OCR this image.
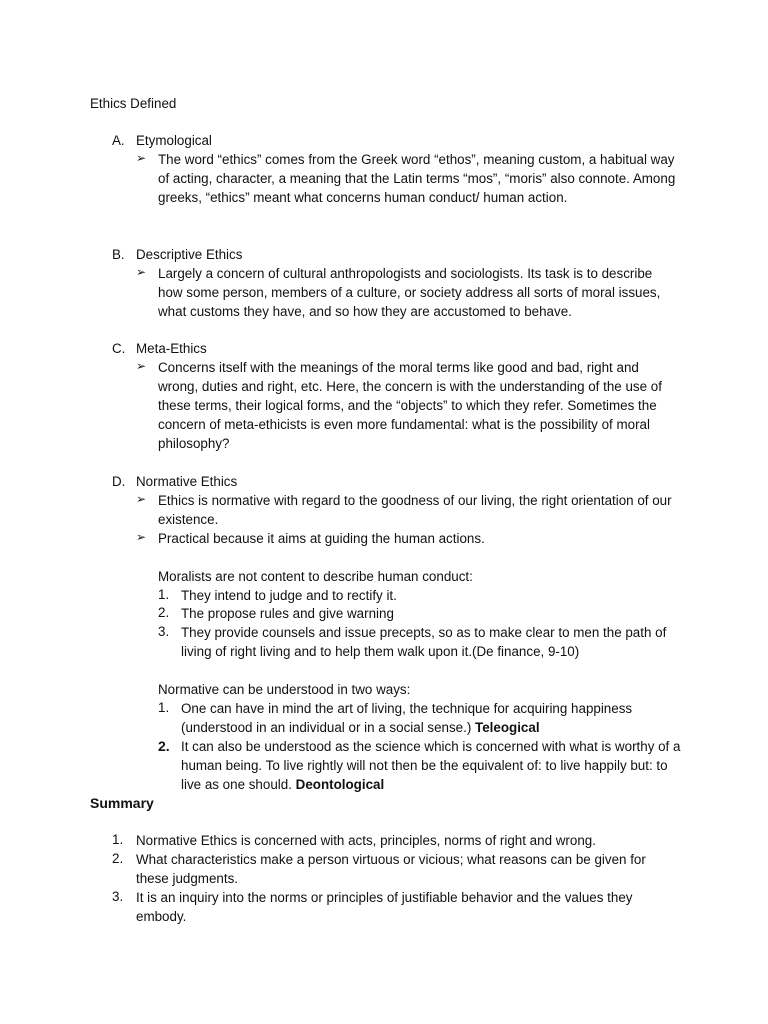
Ethics Defined
A. Etymological

➢ The word “ethics” comes from the Greek word “ethos”, meaning custom, a habitual way of acting, character, a meaning that the Latin terms “mos”, “moris” also connote. Among greeks, “ethics” meant what concerns human conduct/ human action.
B. Descriptive Ethics

➢ Largely a concern of cultural anthropologists and sociologists. Its task is to describe how some person, members of a culture, or society address all sorts of moral issues, what customs they have, and so how they are accustomed to behave.
C. Meta-Ethics

➢ Concerns itself with the meanings of the moral terms like good and bad, right and wrong, duties and right, etc. Here, the concern is with the understanding of the use of these terms, their logical forms, and the “objects” to which they refer. Sometimes the concern of meta-ethicists is even more fundamental: what is the possibility of moral philosophy?
D. Normative Ethics

➢ Ethics is normative with regard to the goodness of our living, the right orientation of our existence.
➢ Practical because it aims at guiding the human actions.
Moralists are not content to describe human conduct:
1. They intend to judge and to rectify it.
2. The propose rules and give warning
3. They provide counsels and issue precepts, so as to make clear to men the path of living of right living and to help them walk upon it.(De finance, 9-10)
Normative can be understood in two ways:
1. One can have in mind the art of living, the technique for acquiring happiness (understood in an individual or in a social sense.) Teleogical
2. It can also be understood as the science which is concerned with what is worthy of a human being. To live rightly will not then be the equivalent of: to live happily but: to live as one should. Deontological
Summary
1. Normative Ethics is concerned with acts, principles, norms of right and wrong.
2. What characteristics make a person virtuous or vicious; what reasons can be given for these judgments.
3. It is an inquiry into the norms or principles of justifiable behavior and the values they embody.
